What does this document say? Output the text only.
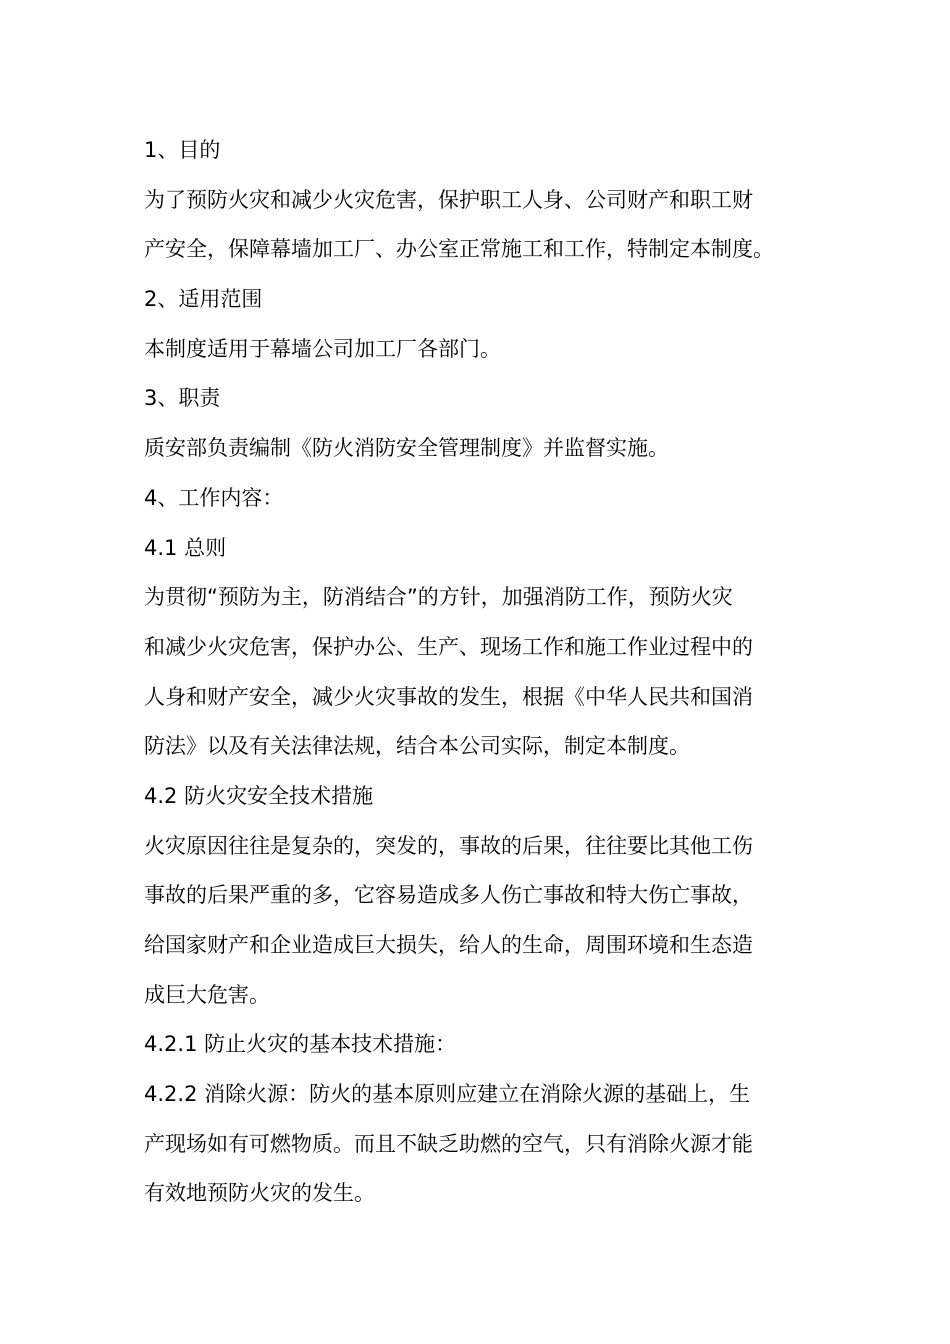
1、目的
为了预防火灾和减少火灾危害，保护职工人身、公司财产和职工财
产安全，保障幕墙加工厂、办公室正常施工和工作，特制定本制度。
2、适用范围
本制度适用于幕墙公司加工厂各部门。
3、职责
质安部负责编制《防火消防安全管理制度》并监督实施。
4、工作内容：
4.1 总则
为贯彻“预防为主，防消结合”的方针，加强消防工作，预防火灾
和减少火灾危害，保护办公、生产、现场工作和施工作业过程中的
人身和财产安全，减少火灾事故的发生，根据《中华人民共和国消
防法》以及有关法律法规，结合本公司实际，制定本制度。
4.2 防火灾安全技术措施
火灾原因往往是复杂的，突发的，事故的后果，往往要比其他工伤
事故的后果严重的多，它容易造成多人伤亡事故和特大伤亡事故，
给国家财产和企业造成巨大损失，给人的生命，周围环境和生态造
成巨大危害。
4.2.1 防止火灾的基本技术措施：
4.2.2 消除火源：防火的基本原则应建立在消除火源的基础上，生
产现场如有可燃物质。而且不缺乏助燃的空气，只有消除火源才能
有效地预防火灾的发生。
